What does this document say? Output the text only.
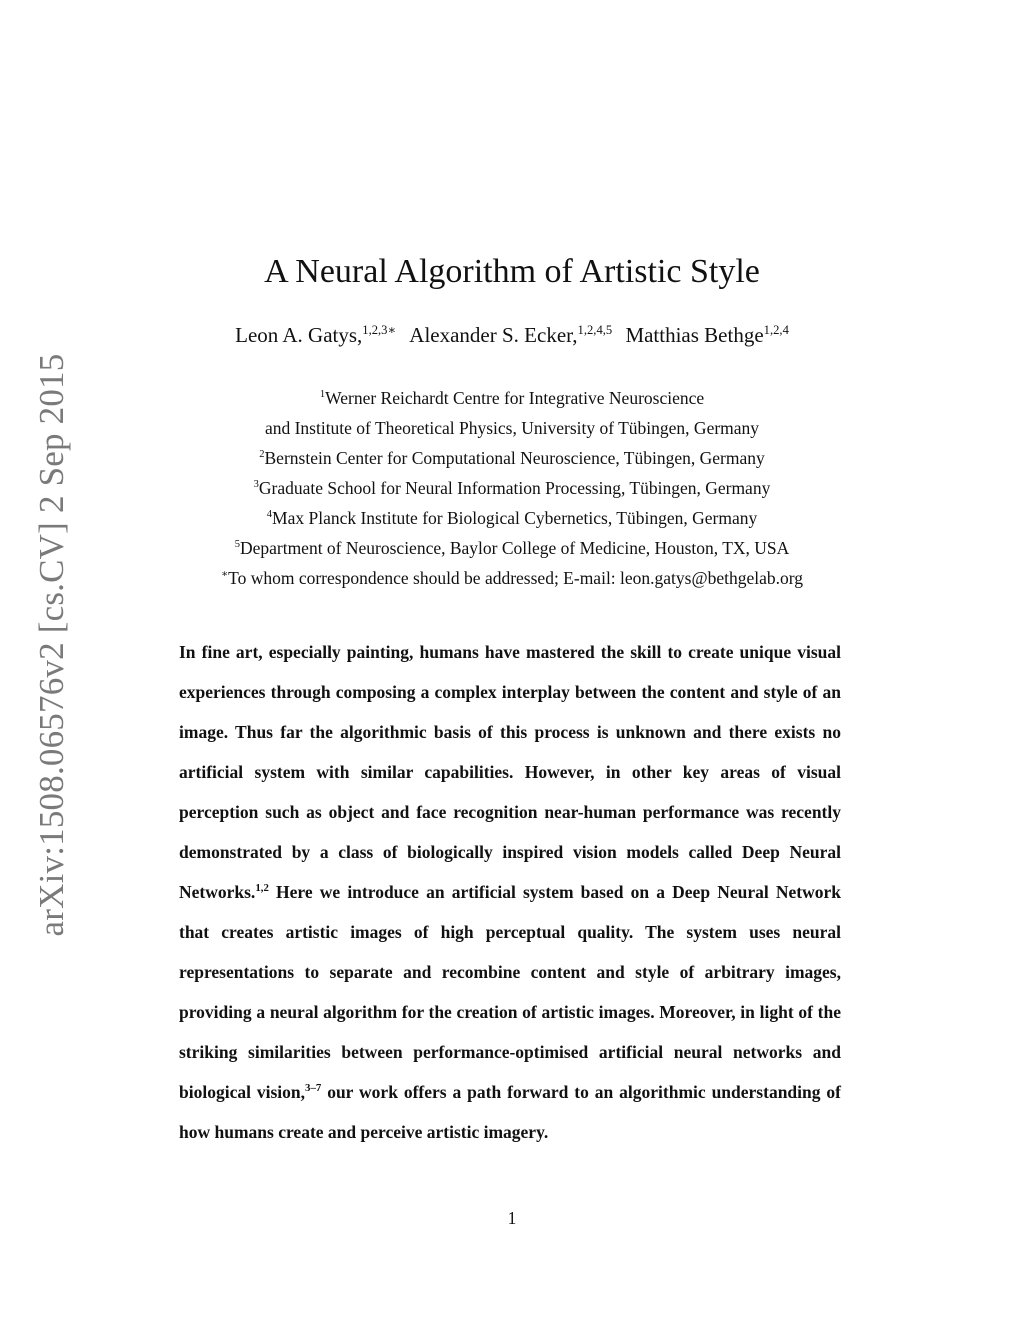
arXiv:1508.06576v2 [cs.CV] 2 Sep 2015
A Neural Algorithm of Artistic Style
Leon A. Gatys,$^{1,2,3∗}$ Alexander S. Ecker,$^{1,2,4,5}$ Matthias Bethge$^{1,2,4}$
$^1$Werner Reichardt Centre for Integrative Neuroscience
and Institute of Theoretical Physics, University of Tübingen, Germany
$^2$Bernstein Center for Computational Neuroscience, Tübingen, Germany
$^3$Graduate School for Neural Information Processing, Tübingen, Germany
$^4$Max Planck Institute for Biological Cybernetics, Tübingen, Germany
$^5$Department of Neuroscience, Baylor College of Medicine, Houston, TX, USA
∗To whom correspondence should be addressed; E-mail: leon.gatys@bethgelab.org

In fine art, especially painting, humans have mastered the skill to create unique visual experiences through composing a complex interplay between the content and style of an image. Thus far the algorithmic basis of this process is unknown and there exists no artificial system with similar capabilities. However, in other key areas of visual perception such as object and face recognition near-human performance was recently demonstrated by a class of biologically inspired vision models called Deep Neural Networks.$^{1,2}$ Here we introduce an artificial system based on a Deep Neural Network that creates artistic images of high perceptual quality. The system uses neural representations to separate and recombine content and style of arbitrary images, providing a neural algorithm for the creation of artistic images. Moreover, in light of the striking similarities between performance-optimised artificial neural networks and biological vision,$^{3-7}$ our work offers a path forward to an algorithmic understanding of how humans create and perceive artistic imagery.

1
